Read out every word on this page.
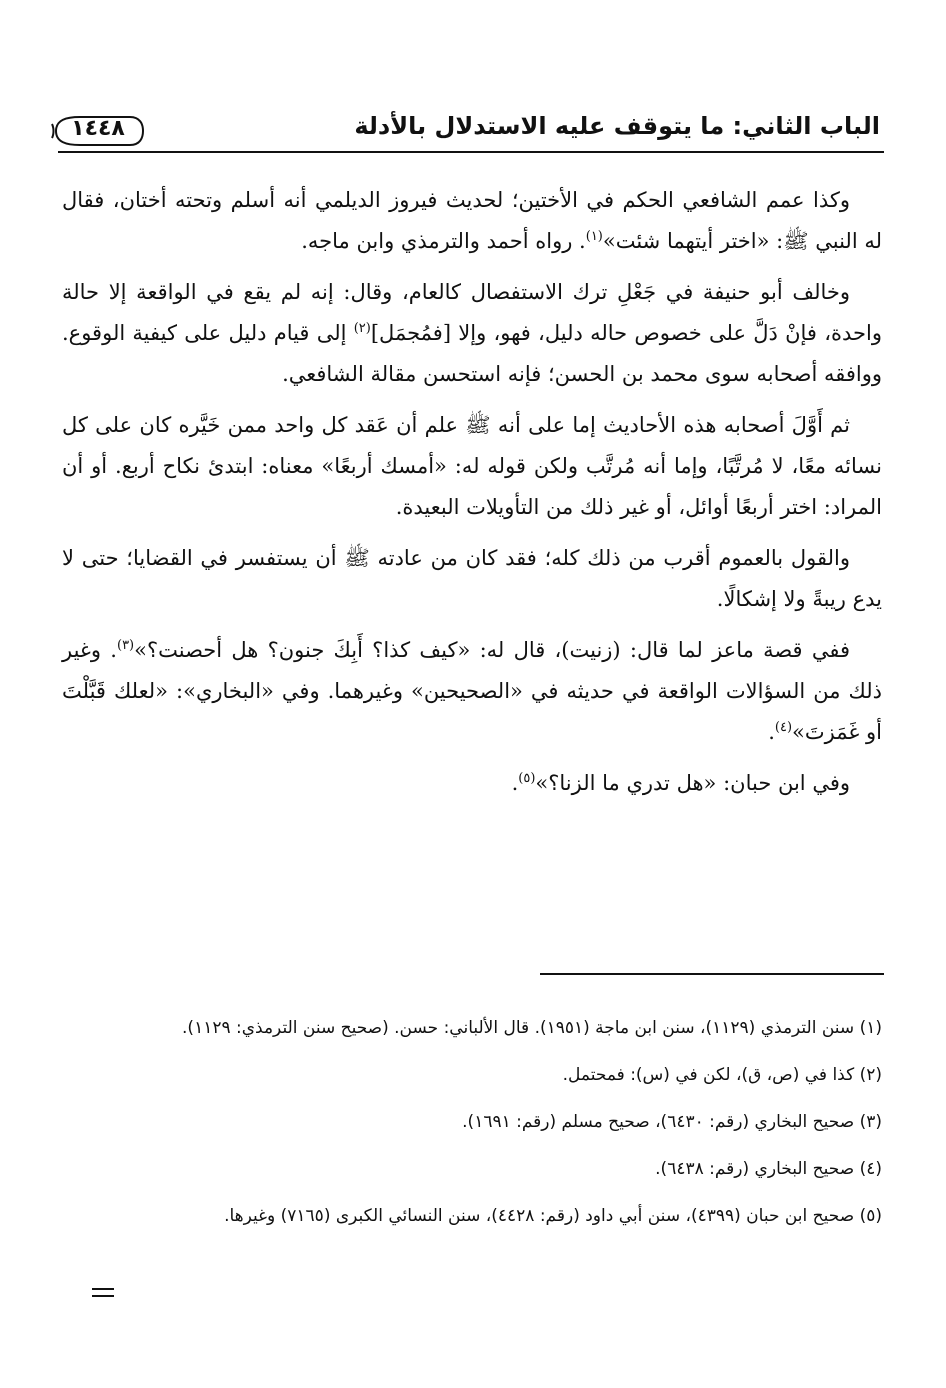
١٤٤٨	الباب الثاني: ما يتوقف عليه الاستدلال بالأدلة

وكذا عمم الشافعي الحكم في الأختين؛ لحديث فيروز الديلمي أنه أسلم وتحته أختان، فقال له النبي ﷺ: «اختر أيتهما شئت»$^{(١)}$. رواه أحمد والترمذي وابن ماجه.

وخالف أبو حنيفة في جَعْلِ ترك الاستفصال كالعام، وقال: إنه لم يقع في الواقعة إلا حالة واحدة، فإنْ دَلَّ على خصوص حاله دليل، فهو، وإلا [فمُجمَل]$^{(٢)}$ إلى قيام دليل على كيفية الوقوع. ووافقه أصحابه سوى محمد بن الحسن؛ فإنه استحسن مقالة الشافعي.

ثم أَوَّلَ أصحابه هذه الأحاديث إما على أنه ﷺ علم أن عَقد كل واحد ممن خَيَّره كان على كل نسائه معًا، لا مُرتَّبًا، وإما أنه مُرتَّب ولكن قوله له: «أمسك أربعًا» معناه: ابتدئ نكاح أربع. أو أن المراد: اختر أربعًا أوائل، أو غير ذلك من التأويلات البعيدة.

والقول بالعموم أقرب من ذلك كله؛ فقد كان من عادته ﷺ أن يستفسر في القضايا؛ حتى لا يدع ريبةً ولا إشكالًا.

ففي قصة ماعز لما قال: (زنيت)، قال له: «كيف كذا؟ أَبِكَ جنون؟ هل أحصنت؟»$^{(٣)}$. وغير ذلك من السؤالات الواقعة في حديثه في «الصحيحين» وغيرهما. وفي «البخاري»: «لعلك قَبَّلْتَ أو غَمَزتَ»$^{(٤)}$.

وفي ابن حبان: «هل تدري ما الزنا؟»$^{(٥)}$.

(١) سنن الترمذي (١١٢٩)، سنن ابن ماجة (١٩٥١). قال الألباني: حسن. (صحيح سنن الترمذي: ١١٢٩).

(٢) كذا في (ص، ق)، لكن في (س): فمحتمل.

(٣) صحيح البخاري (رقم: ٦٤٣٠)، صحيح مسلم (رقم: ١٦٩١).

(٤) صحيح البخاري (رقم: ٦٤٣٨).

(٥) صحيح ابن حبان (٤٣٩٩)، سنن أبي داود (رقم: ٤٤٢٨)، سنن النسائي الكبرى (٧١٦٥) وغيرها.
